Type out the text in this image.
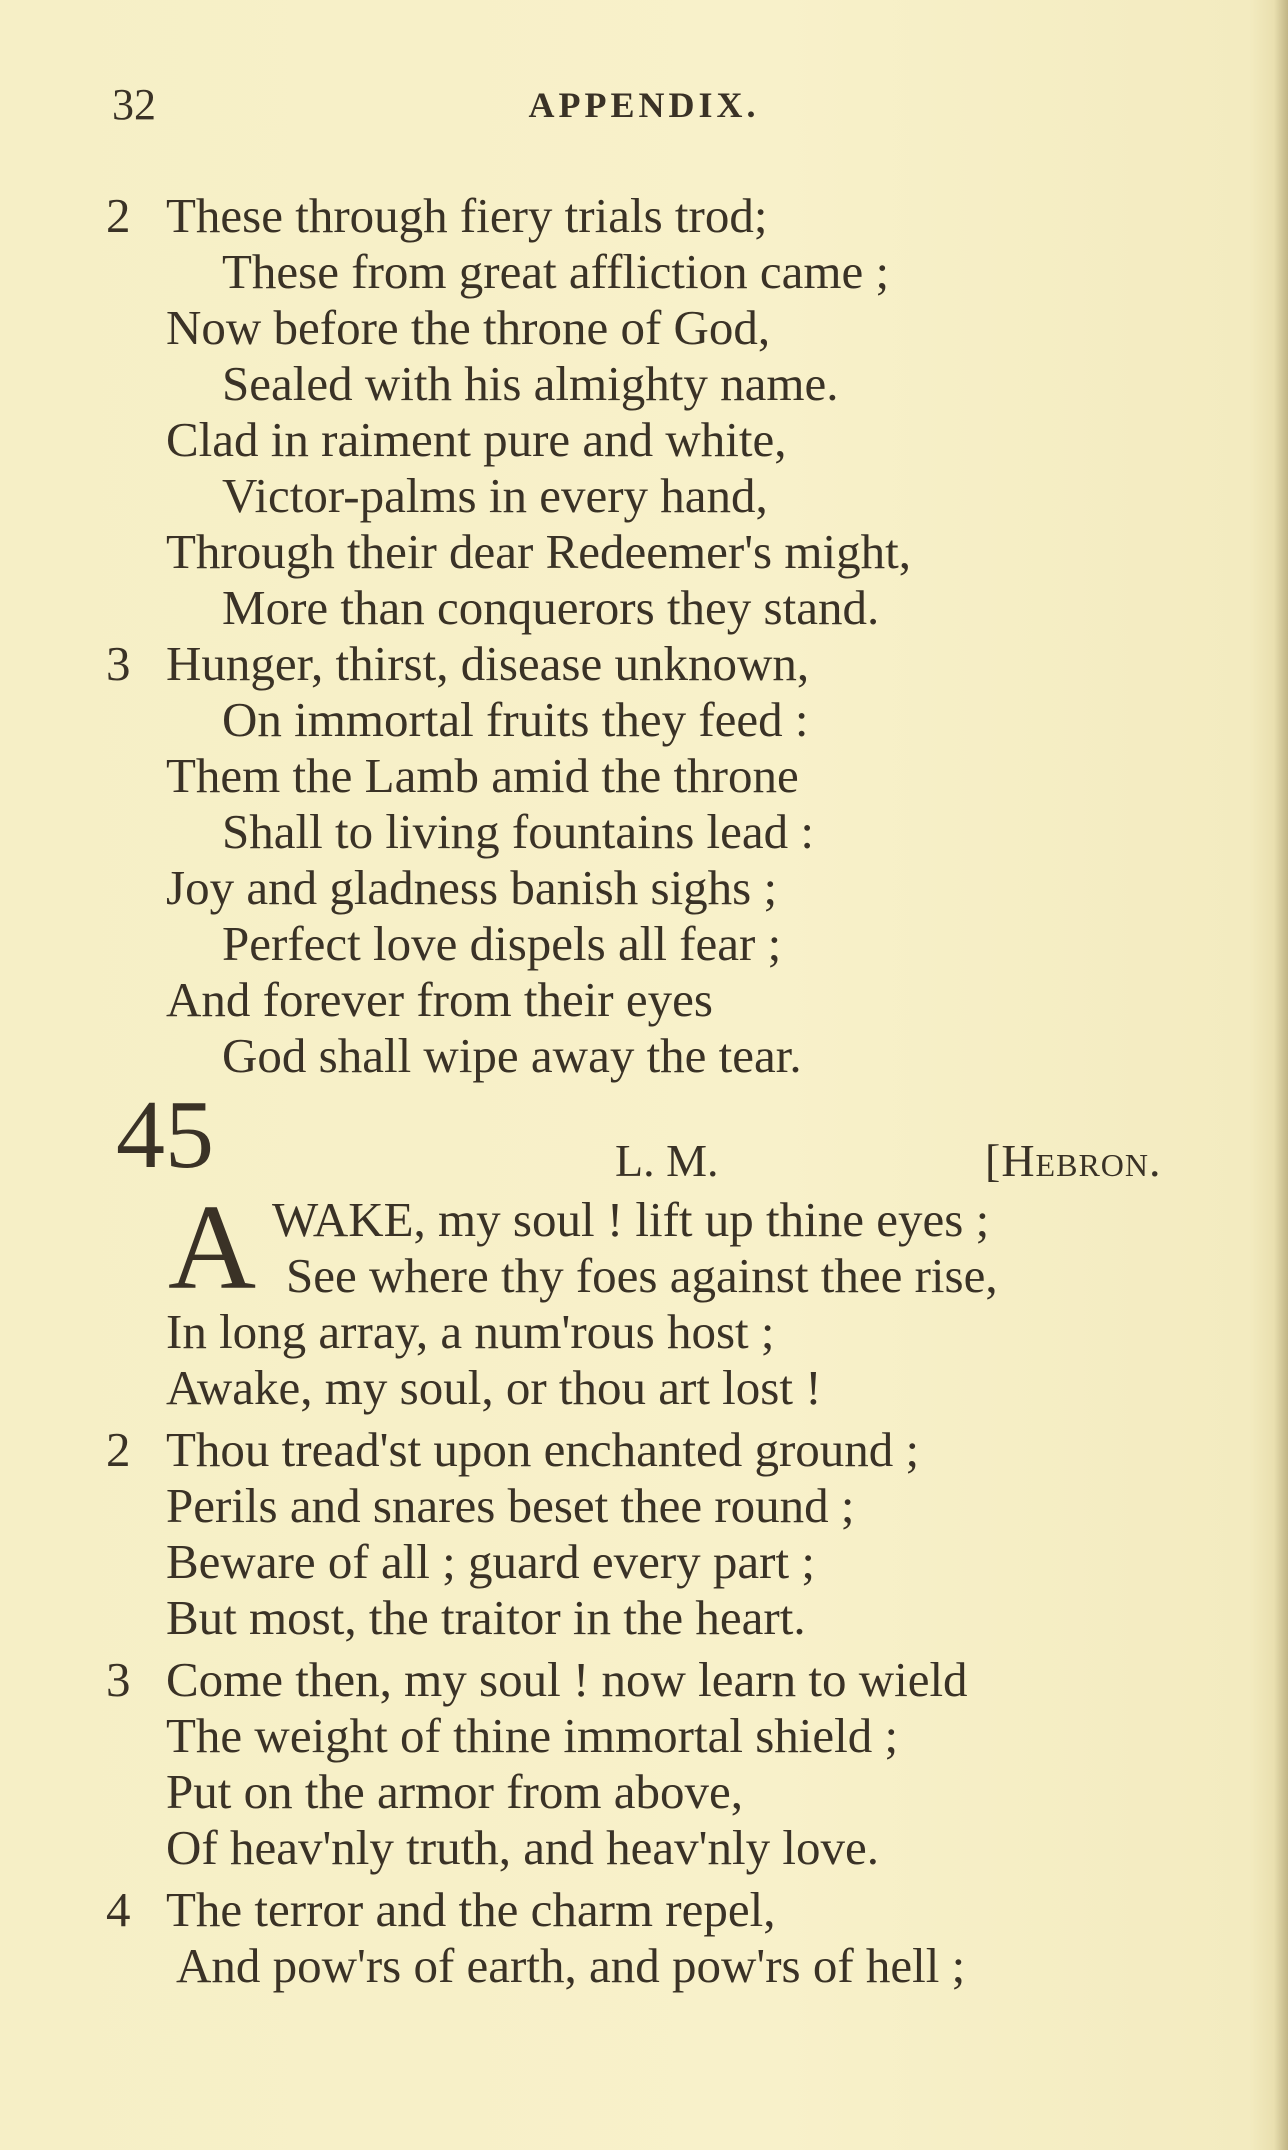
32	APPENDIX.
2 These through fiery trials trod;
These from great affliction came ;
Now before the throne of God,
Sealed with his almighty name.
Clad in raiment pure and white,
Victor-palms in every hand,
Through their dear Redeemer's might,
More than conquerors they stand.
3 Hunger, thirst, disease unknown,
On immortal fruits they feed :
Them the Lamb amid the throne
Shall to living fountains lead :
Joy and gladness banish sighs ;
Perfect love dispels all fear ;
And forever from their eyes
God shall wipe away the tear.
45	L. M.	[Hebron.
A WAKE, my soul ! lift up thine eyes ;
See where thy foes against thee rise,
In long array, a num'rous host ;
Awake, my soul, or thou art lost !
2 Thou tread'st upon enchanted ground ;
Perils and snares beset thee round ;
Beware of all ; guard every part ;
But most, the traitor in the heart.
3 Come then, my soul ! now learn to wield
The weight of thine immortal shield ;
Put on the armor from above,
Of heav'nly truth, and heav'nly love.
4 The terror and the charm repel,
And pow'rs of earth, and pow'rs of hell ;
